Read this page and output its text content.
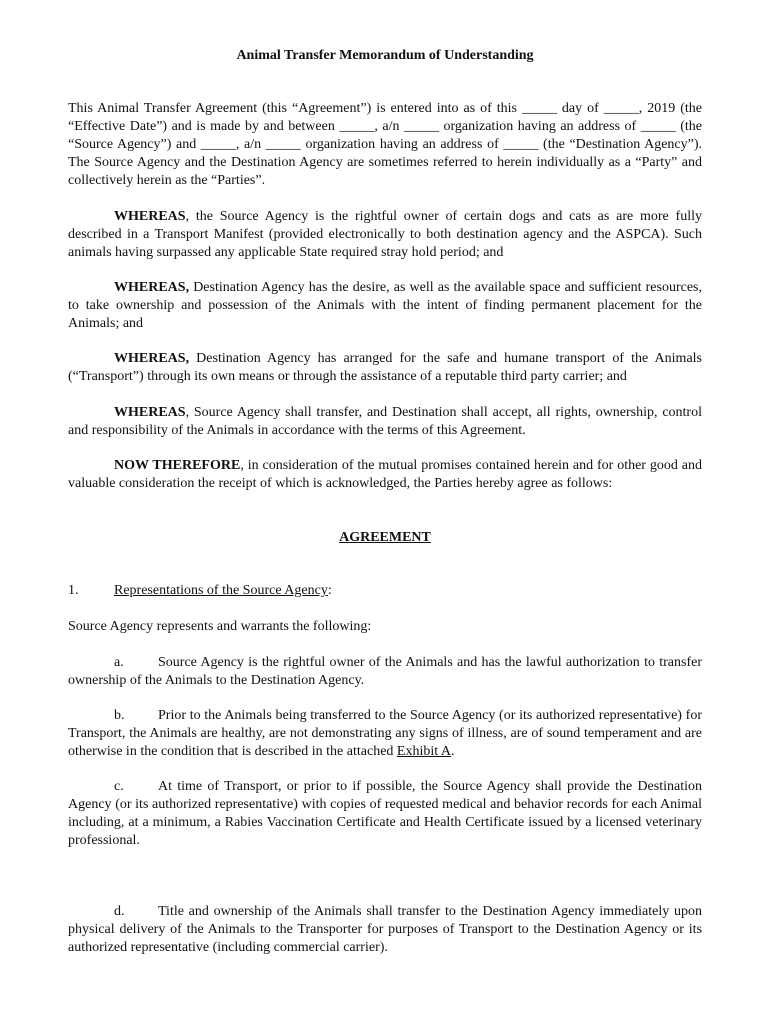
Animal Transfer Memorandum of Understanding

This Animal Transfer Agreement (this “Agreement”) is entered into as of this _____ day of _____, 2019 (the “Effective Date”) and is made by and between _____, a/n _____ organization having an address of _____ (the “Source Agency”) and _____, a/n _____ organization having an address of _____ (the “Destination Agency”). The Source Agency and the Destination Agency are sometimes referred to herein individually as a “Party” and collectively herein as the “Parties”.

WHEREAS, the Source Agency is the rightful owner of certain dogs and cats as are more fully described in a Transport Manifest (provided electronically to both destination agency and the ASPCA). Such animals having surpassed any applicable State required stray hold period; and

WHEREAS, Destination Agency has the desire, as well as the available space and sufficient resources, to take ownership and possession of the Animals with the intent of finding permanent placement for the Animals; and

WHEREAS, Destination Agency has arranged for the safe and humane transport of the Animals (“Transport”) through its own means or through the assistance of a reputable third party carrier; and

WHEREAS, Source Agency shall transfer, and Destination shall accept, all rights, ownership, control and responsibility of the Animals in accordance with the terms of this Agreement.

NOW THEREFORE, in consideration of the mutual promises contained herein and for other good and valuable consideration the receipt of which is acknowledged, the Parties hereby agree as follows:

AGREEMENT

1.	Representations of the Source Agency:

Source Agency represents and warrants the following:

a. Source Agency is the rightful owner of the Animals and has the lawful authorization to transfer ownership of the Animals to the Destination Agency.

b. Prior to the Animals being transferred to the Source Agency (or its authorized representative) for Transport, the Animals are healthy, are not demonstrating any signs of illness, are of sound temperament and are otherwise in the condition that is described in the attached Exhibit A.

c. At time of Transport, or prior to if possible, the Source Agency shall provide the Destination Agency (or its authorized representative) with copies of requested medical and behavior records for each Animal including, at a minimum, a Rabies Vaccination Certificate and Health Certificate issued by a licensed veterinary professional.

d. Title and ownership of the Animals shall transfer to the Destination Agency immediately upon physical delivery of the Animals to the Transporter for purposes of Transport to the Destination Agency or its authorized representative (including commercial carrier).
